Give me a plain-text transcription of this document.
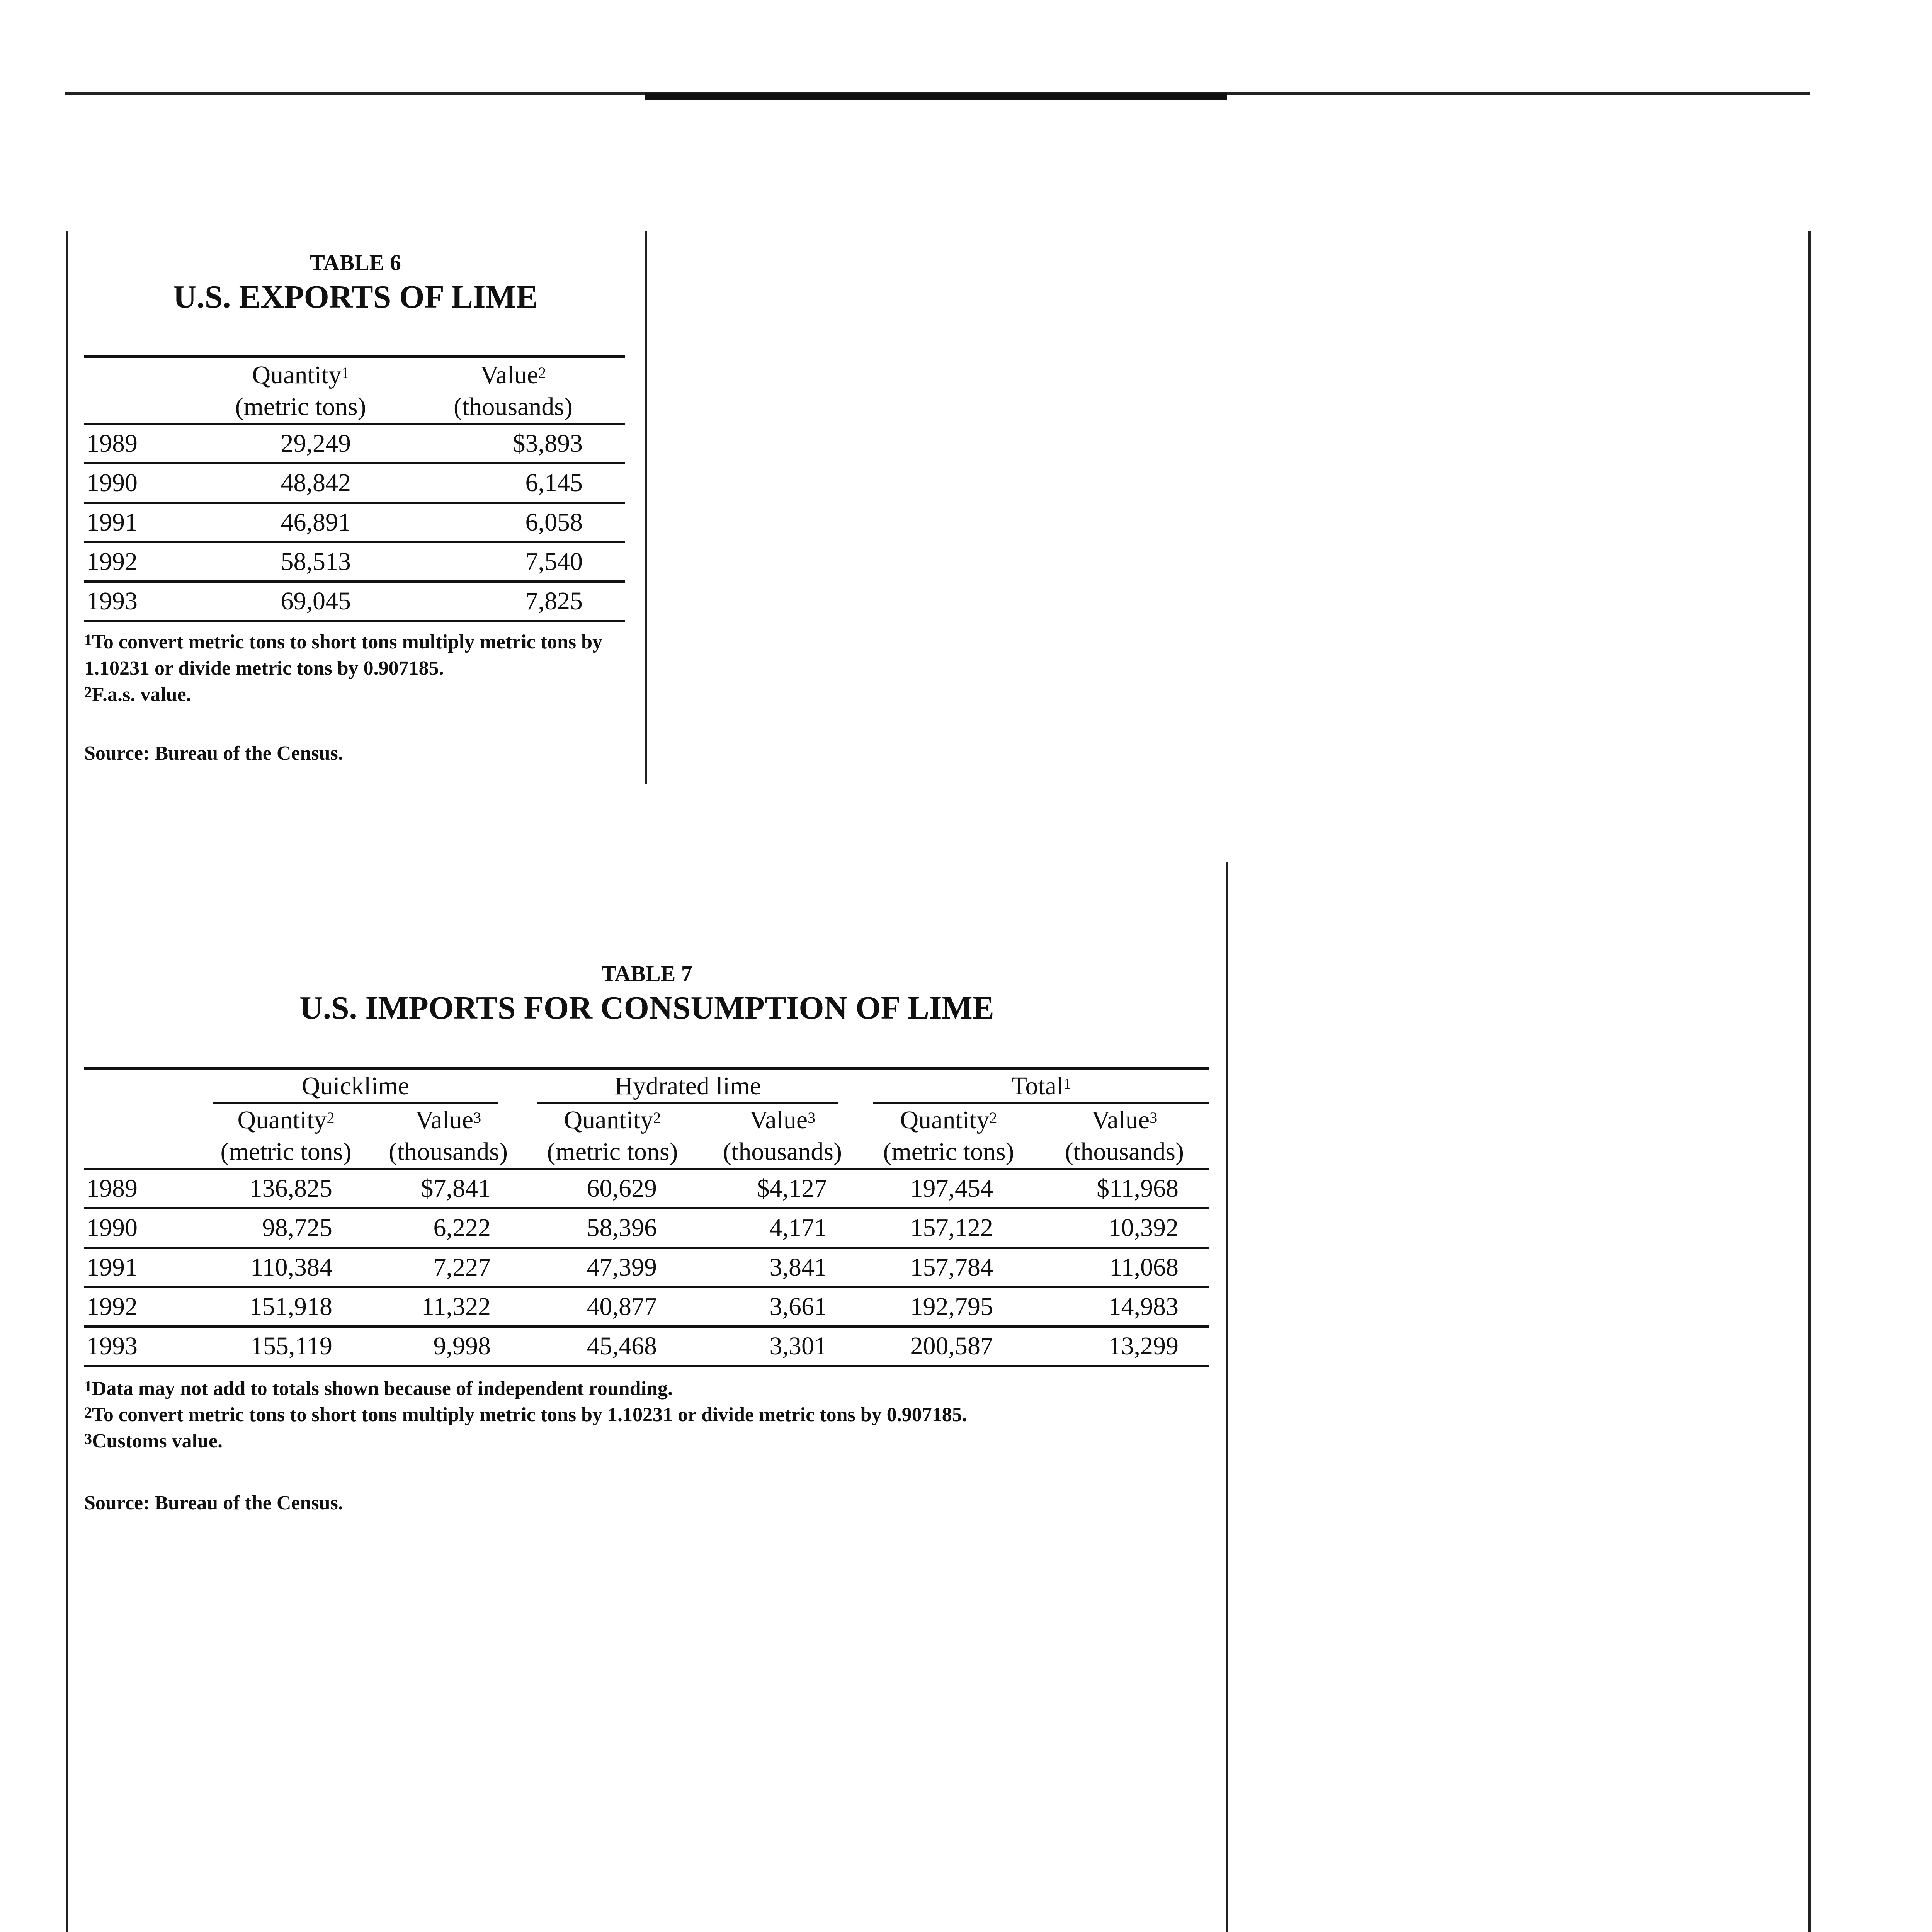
TABLE 6
U.S. EXPORTS OF LIME
	Quantity$^1$	Value$^2$
	(metric tons)	(thousands)
1989	29,249	$3,893
1990	48,842	6,145
1991	46,891	6,058
1992	58,513	7,540
1993	69,045	7,825

$^1$To convert metric tons to short tons multiply metric tons by 1.10231 or divide metric tons by 0.907185.

$^2$F.a.s. value.

Source: Bureau of the Census.
TABLE 7
U.S. IMPORTS FOR CONSUMPTION OF LIME

	Quicklime		Hydrated lime		Total$^1$

	Quantity$^2$	Value$^3$	Quantity$^2$	Value$^3$	Quantity$^2$	Value$^3$
	(metric tons)	(thousands)	(metric tons)	(thousands)	(metric tons)	(thousands)
1989	136,825	$7,841	60,629	$4,127	197,454	$11,968
1990	98,725	6,222	58,396	4,171	157,122	10,392
1991	110,384	7,227	47,399	3,841	157,784	11,068
1992	151,918	11,322	40,877	3,661	192,795	14,983
1993	155,119	9,998	45,468	3,301	200,587	13,299

$^1$Data may not add to totals shown because of independent rounding.

$^2$To convert metric tons to short tons multiply metric tons by 1.10231 or divide metric tons by 0.907185.

$^3$Customs value.

Source: Bureau of the Census.
